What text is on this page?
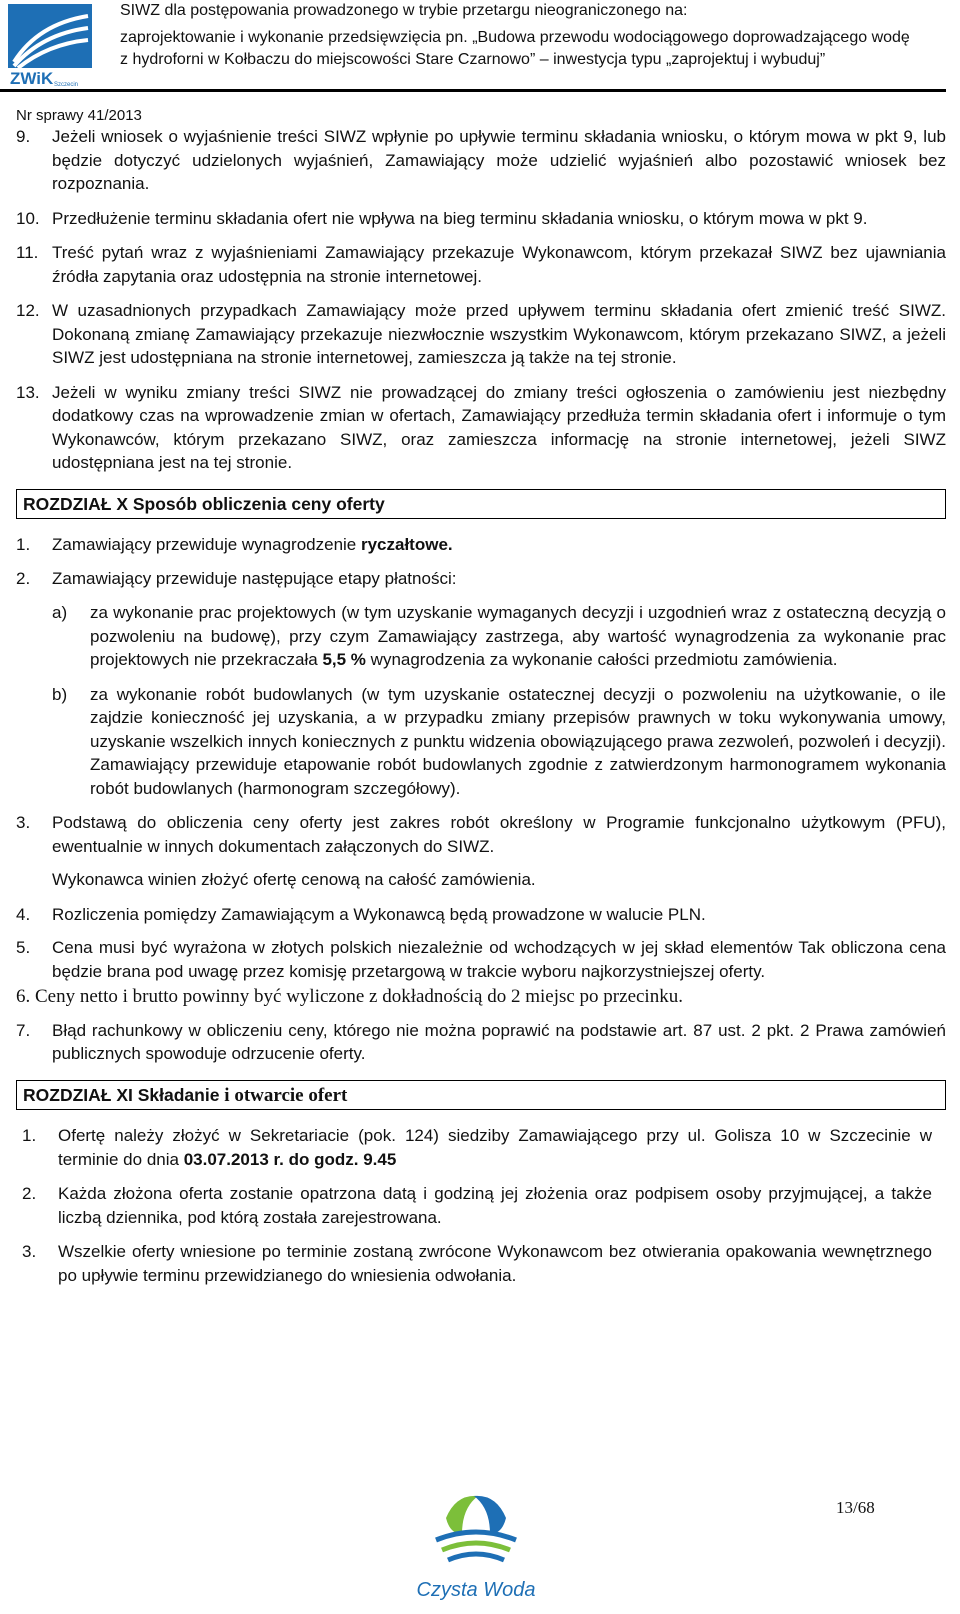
ZWiK Szczecin
SIWZ dla postępowania prowadzonego w trybie przetargu nieograniczonego na:
zaprojektowanie i wykonanie przedsięwzięcia pn. „Budowa przewodu wodociągowego doprowadzającego wodę
z hydroforni w Kołbaczu do miejscowości Stare Czarnowo” – inwestycja typu „zaprojektuj i wybuduj”
Nr sprawy 41/2013
9. Jeżeli wniosek o wyjaśnienie treści SIWZ wpłynie po upływie terminu składania wniosku, o którym mowa w pkt 9, lub będzie dotyczyć udzielonych wyjaśnień, Zamawiający może udzielić wyjaśnień albo pozostawić wniosek bez rozpoznania.
10. Przedłużenie terminu składania ofert nie wpływa na bieg terminu składania wniosku, o którym mowa w pkt 9.
11. Treść pytań wraz z wyjaśnieniami Zamawiający przekazuje Wykonawcom, którym przekazał SIWZ bez ujawniania źródła zapytania oraz udostępnia na stronie internetowej.
12. W uzasadnionych przypadkach Zamawiający może przed upływem terminu składania ofert zmienić treść SIWZ. Dokonaną zmianę Zamawiający przekazuje niezwłocznie wszystkim Wykonawcom, którym przekazano SIWZ, a jeżeli SIWZ jest udostępniana na stronie internetowej, zamieszcza ją także na tej stronie.
13. Jeżeli w wyniku zmiany treści SIWZ nie prowadzącej do zmiany treści ogłoszenia o zamówieniu jest niezbędny dodatkowy czas na wprowadzenie zmian w ofertach, Zamawiający przedłuża termin składania ofert i informuje o tym Wykonawców, którym przekazano SIWZ, oraz zamieszcza informację na stronie internetowej, jeżeli SIWZ udostępniana jest na tej stronie.
ROZDZIAŁ X Sposób obliczenia ceny oferty
1. Zamawiający przewiduje wynagrodzenie ryczałtowe.
2. Zamawiający przewiduje następujące etapy płatności:
a) za wykonanie prac projektowych (w tym uzyskanie wymaganych decyzji i uzgodnień wraz z ostateczną decyzją o pozwoleniu na budowę), przy czym Zamawiający zastrzega, aby wartość wynagrodzenia za wykonanie prac projektowych nie przekraczała 5,5 % wynagrodzenia za wykonanie całości przedmiotu zamówienia.
b) za wykonanie robót budowlanych (w tym uzyskanie ostatecznej decyzji o pozwoleniu na użytkowanie, o ile zajdzie konieczność jej uzyskania, a w przypadku zmiany przepisów prawnych w toku wykonywania umowy, uzyskanie wszelkich innych koniecznych z punktu widzenia obowiązującego prawa zezwoleń, pozwoleń i decyzji). Zamawiający przewiduje etapowanie robót budowlanych zgodnie z zatwierdzonym harmonogramem wykonania robót budowlanych (harmonogram szczegółowy).
3. Podstawą do obliczenia ceny oferty jest zakres robót określony w Programie funkcjonalno użytkowym (PFU), ewentualnie w innych dokumentach załączonych do SIWZ.
Wykonawca winien złożyć ofertę cenową na całość zamówienia.
4. Rozliczenia pomiędzy Zamawiającym a Wykonawcą będą prowadzone w walucie PLN.
5. Cena musi być wyrażona w złotych polskich niezależnie od wchodzących w jej skład elementów Tak obliczona cena będzie brana pod uwagę przez komisję przetargową w trakcie wyboru najkorzystniejszej oferty.
6. Ceny netto i brutto powinny być wyliczone z dokładnością do 2 miejsc po przecinku.
7. Błąd rachunkowy w obliczeniu ceny, którego nie można poprawić na podstawie art. 87 ust. 2 pkt. 2 Prawa zamówień publicznych spowoduje odrzucenie oferty.
ROZDZIAŁ XI Składanie i otwarcie ofert
1. Ofertę należy złożyć w Sekretariacie (pok. 124) siedziby Zamawiającego przy ul. Golisza 10 w Szczecinie w terminie do dnia 03.07.2013 r. do godz. 9.45
2. Każda złożona oferta zostanie opatrzona datą i godziną jej złożenia oraz podpisem osoby przyjmującej, a także liczbą dziennika, pod którą została zarejestrowana.
3. Wszelkie oferty wniesione po terminie zostaną zwrócone Wykonawcom bez otwierania opakowania wewnętrznego po upływie terminu przewidzianego do wniesienia odwołania.
Czysta Woda
13/68
